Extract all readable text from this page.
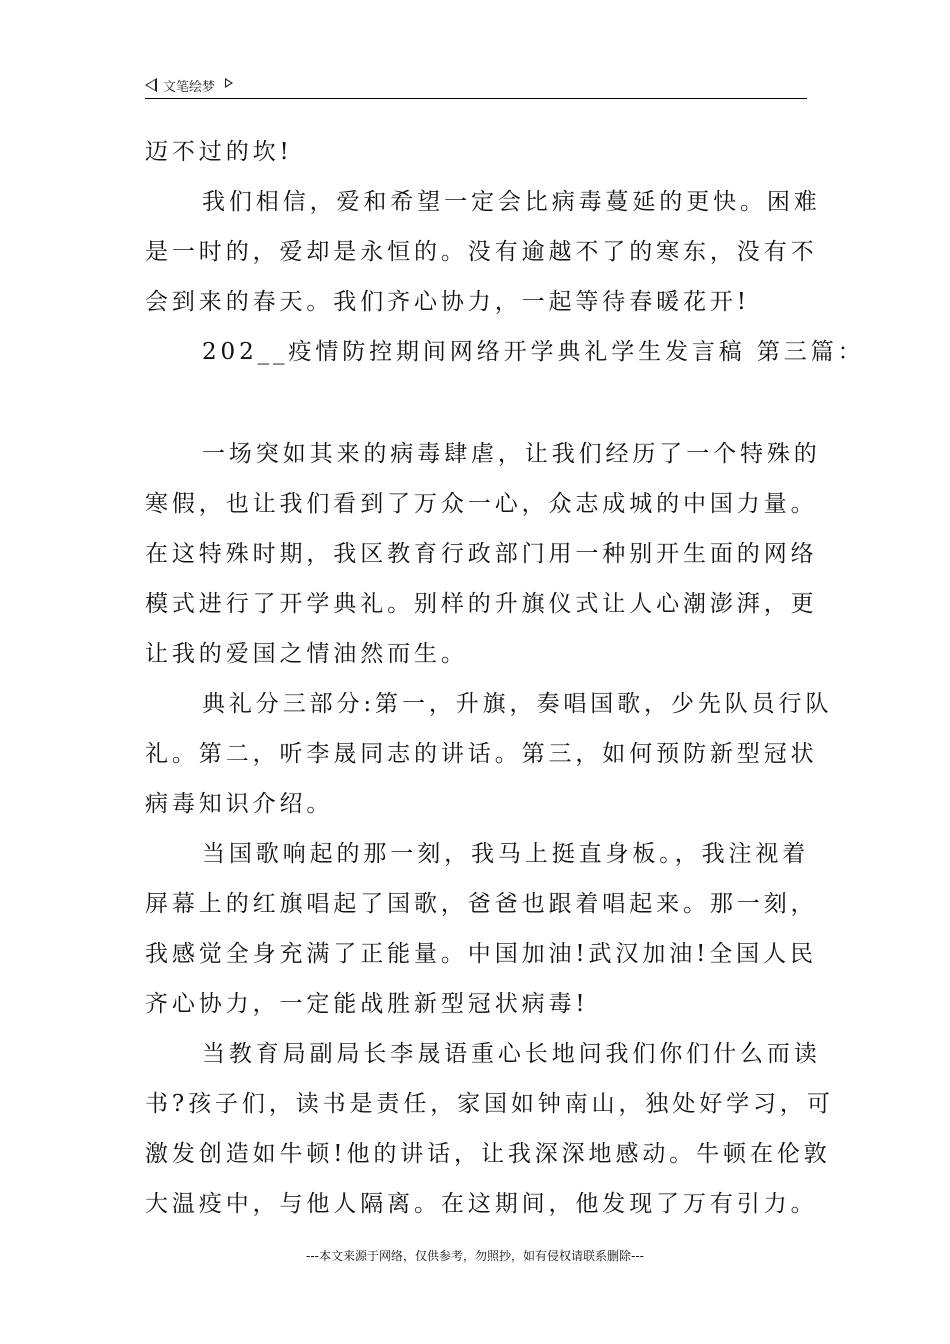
文笔绘梦
迈不过的坎!
我们相信，爱和希望一定会比病毒蔓延的更快。困难
是一时的，爱却是永恒的。没有逾越不了的寒东，没有不
会到来的春天。我们齐心协力，一起等待春暖花开!
202__疫情防控期间网络开学典礼学生发言稿 第三篇：
一场突如其来的病毒肆虐，让我们经历了一个特殊的
寒假，也让我们看到了万众一心，众志成城的中国力量。
在这特殊时期，我区教育行政部门用一种别开生面的网络
模式进行了开学典礼。别样的升旗仪式让人心潮澎湃，更
让我的爱国之情油然而生。
典礼分三部分:第一，升旗，奏唱国歌，少先队员行队
礼。第二，听李晟同志的讲话。第三，如何预防新型冠状
病毒知识介绍。
当国歌响起的那一刻，我马上挺直身板。，我注视着
屏幕上的红旗唱起了国歌，爸爸也跟着唱起来。那一刻，
我感觉全身充满了正能量。中国加油!武汉加油!全国人民
齐心协力，一定能战胜新型冠状病毒!
当教育局副局长李晟语重心长地问我们你们什么而读
书?孩子们，读书是责任，家国如钟南山，独处好学习，可
激发创造如牛顿!他的讲话，让我深深地感动。牛顿在伦敦
大温疫中，与他人隔离。在这期间，他发现了万有引力。
---本文来源于网络，仅供参考，勿照抄，如有侵权请联系删除---
